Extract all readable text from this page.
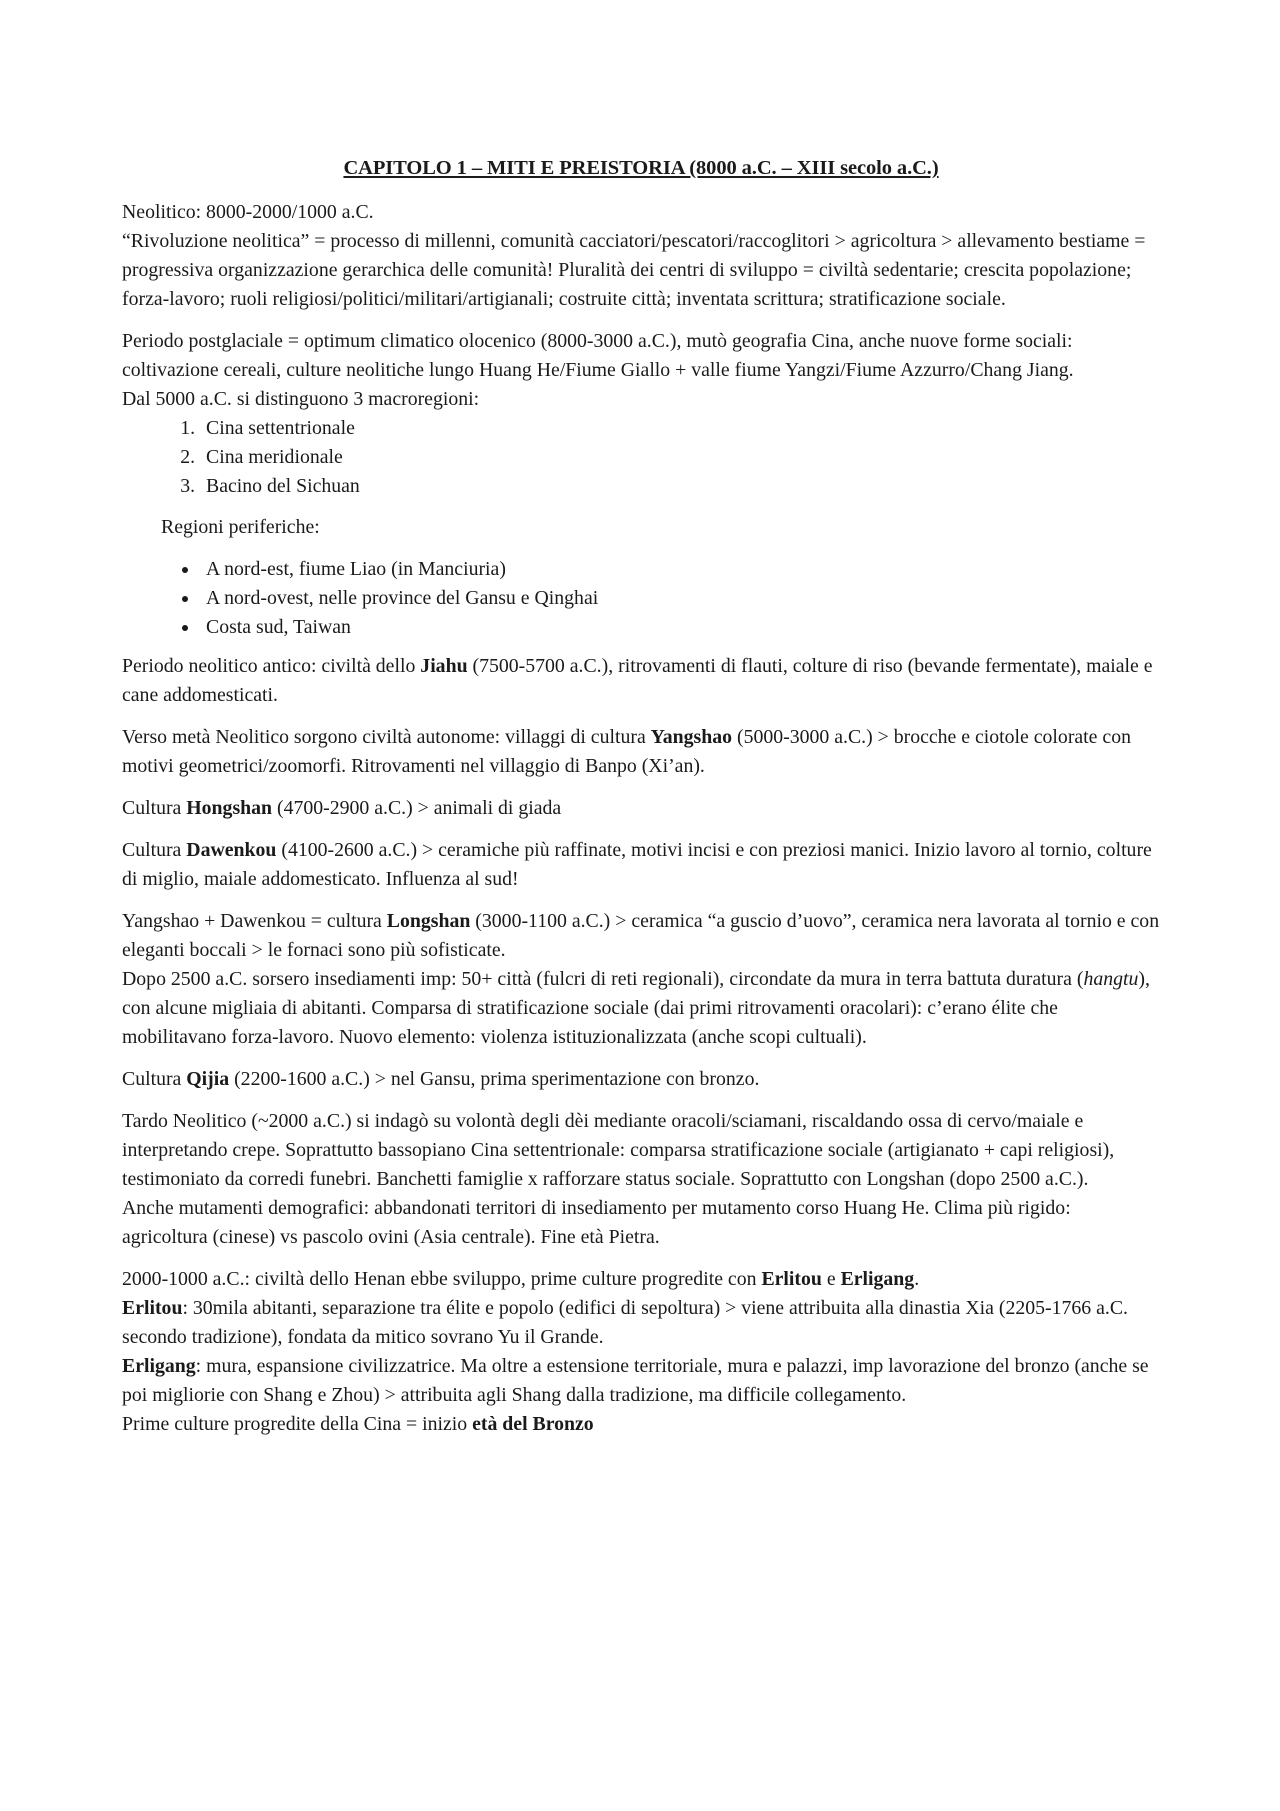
CAPITOLO 1 – MITI E PREISTORIA (8000 a.C. – XIII secolo a.C.)

Neolitico: 8000-2000/1000 a.C.
“Rivoluzione neolitica” = processo di millenni, comunità cacciatori/pescatori/raccoglitori > agricoltura > allevamento bestiame = progressiva organizzazione gerarchica delle comunità! Pluralità dei centri di sviluppo = civiltà sedentarie; crescita popolazione; forza-lavoro; ruoli religiosi/politici/militari/artigianali; costruite città; inventata scrittura; stratificazione sociale.

Periodo postglaciale = optimum climatico olocenico (8000-3000 a.C.), mutò geografia Cina, anche nuove forme sociali: coltivazione cereali, culture neolitiche lungo Huang He/Fiume Giallo + valle fiume Yangzi/Fiume Azzurro/Chang Jiang.
Dal 5000 a.C. si distinguono 3 macroregioni:

1. Cina settentrionale
2. Cina meridionale
3. Bacino del Sichuan
Regioni periferiche:
• A nord-est, fiume Liao (in Manciuria)
• A nord-ovest, nelle province del Gansu e Qinghai
• Costa sud, Taiwan

Periodo neolitico antico: civiltà dello Jiahu (7500-5700 a.C.), ritrovamenti di flauti, colture di riso (bevande fermentate), maiale e cane addomesticati.

Verso metà Neolitico sorgono civiltà autonome: villaggi di cultura Yangshao (5000-3000 a.C.) > brocche e ciotole colorate con motivi geometrici/zoomorfi. Ritrovamenti nel villaggio di Banpo (Xi’an).

Cultura Hongshan (4700-2900 a.C.) > animali di giada

Cultura Dawenkou (4100-2600 a.C.) > ceramiche più raffinate, motivi incisi e con preziosi manici. Inizio lavoro al tornio, colture di miglio, maiale addomesticato. Influenza al sud!

Yangshao + Dawenkou = cultura Longshan (3000-1100 a.C.) > ceramica “a guscio d’uovo”, ceramica nera lavorata al tornio e con eleganti boccali > le fornaci sono più sofisticate.
Dopo 2500 a.C. sorsero insediamenti imp: 50+ città (fulcri di reti regionali), circondate da mura in terra battuta duratura (hangtu), con alcune migliaia di abitanti. Comparsa di stratificazione sociale (dai primi ritrovamenti oracolari): c’erano élite che mobilitavano forza-lavoro. Nuovo elemento: violenza istituzionalizzata (anche scopi cultuali).

Cultura Qijia (2200-1600 a.C.) > nel Gansu, prima sperimentazione con bronzo.

Tardo Neolitico (~2000 a.C.) si indagò su volontà degli dèi mediante oracoli/sciamani, riscaldando ossa di cervo/maiale e interpretando crepe. Soprattutto bassopiano Cina settentrionale: comparsa stratificazione sociale (artigianato + capi religiosi), testimoniato da corredi funebri. Banchetti famiglie x rafforzare status sociale. Soprattutto con Longshan (dopo 2500 a.C.).
Anche mutamenti demografici: abbandonati territori di insediamento per mutamento corso Huang He. Clima più rigido: agricoltura (cinese) vs pascolo ovini (Asia centrale). Fine età Pietra.

2000-1000 a.C.: civiltà dello Henan ebbe sviluppo, prime culture progredite con Erlitou e Erligang.
Erlitou: 30mila abitanti, separazione tra élite e popolo (edifici di sepoltura) > viene attribuita alla dinastia Xia (2205-1766 a.C. secondo tradizione), fondata da mitico sovrano Yu il Grande.
Erligang: mura, espansione civilizzatrice. Ma oltre a estensione territoriale, mura e palazzi, imp lavorazione del bronzo (anche se poi migliorie con Shang e Zhou) > attribuita agli Shang dalla tradizione, ma difficile collegamento.
Prime culture progredite della Cina = inizio età del Bronzo
